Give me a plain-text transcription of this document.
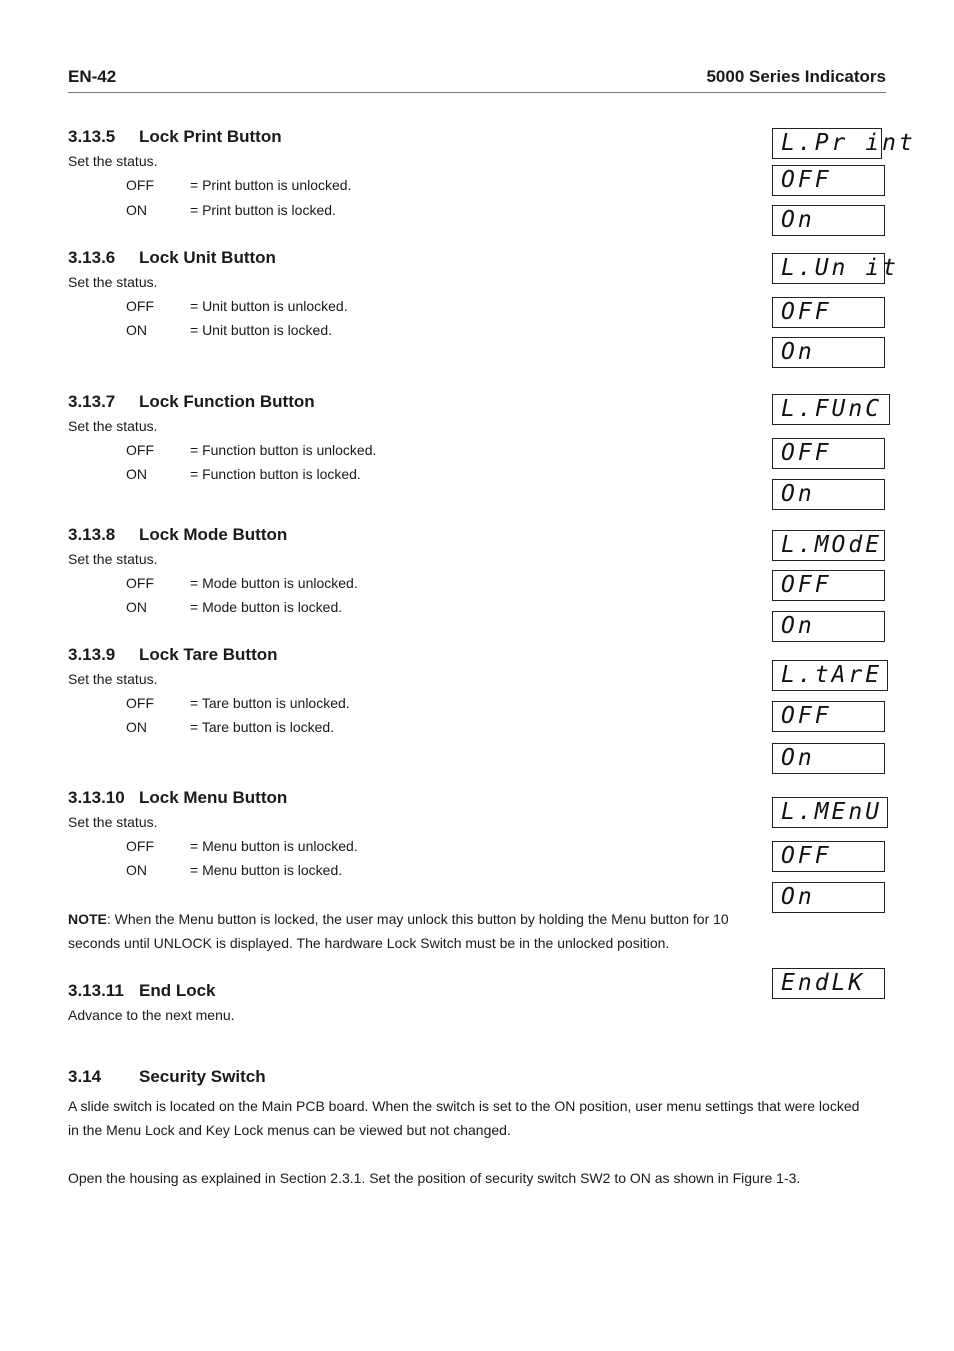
EN-42	5000 Series Indicators
3.13.5 Lock Print Button
Set the status.
OFF	= Print button is unlocked.
ON	= Print button is locked.
3.13.6 Lock Unit Button
Set the status.
OFF	= Unit button is unlocked.
ON	= Unit button is locked.
3.13.7 Lock Function Button
Set the status.
OFF	= Function button is unlocked.
ON	= Function button is locked.
3.13.8 Lock Mode Button
Set the status.
OFF	= Mode button is unlocked.
ON	= Mode button is locked.
3.13.9 Lock Tare Button
Set the status.
OFF	= Tare button is unlocked.
ON	= Tare button is locked.
3.13.10 Lock Menu Button
Set the status.
OFF	= Menu button is unlocked.
ON	= Menu button is locked.
NOTE: When the Menu button is locked, the user may unlock this button by holding the Menu button for 10
seconds until UNLOCK is displayed. The hardware Lock Switch must be in the unlocked position.
3.13.11 End Lock
Advance to the next menu.
3.14 Security Switch
A slide switch is located on the Main PCB board. When the switch is set to the ON position, user menu settings that were locked
in the Menu Lock and Key Lock menus can be viewed but not changed.
Open the housing as explained in Section 2.3.1. Set the position of security switch SW2 to ON as shown in Figure 1-3.
L.Pr int
OFF
On
L.Un it
OFF
On
L.FUnC
OFF
On
L.MOdE
OFF
On
L.tArE
OFF
On
L.MEnU
OFF
On
EndLK
